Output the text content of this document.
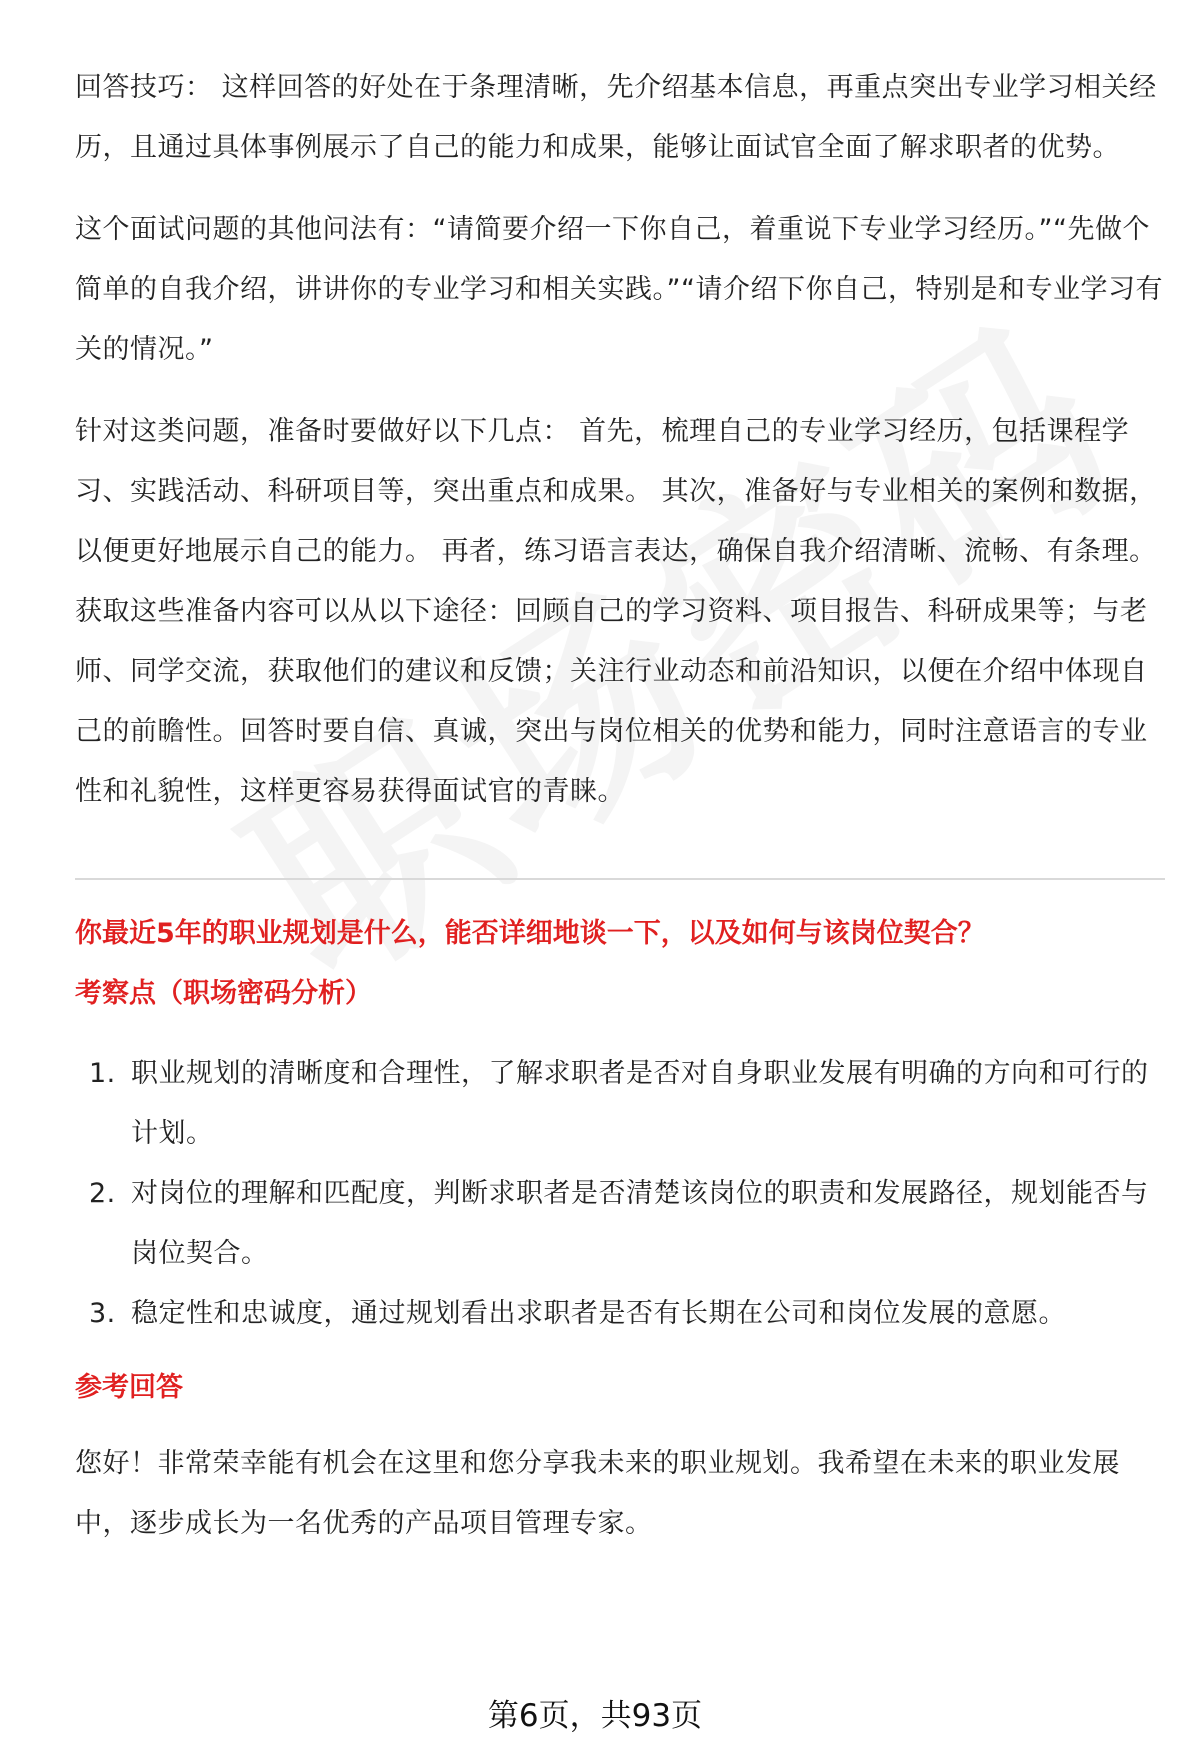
回答技巧： 这样回答的好处在于条理清晰，先介绍基本信息，再重点突出专业学习相关经历，且通过具体事例展示了自己的能力和成果，能够让面试官全面了解求职者的优势。

这个面试问题的其他问法有：“请简要介绍一下你自己，着重说下专业学习经历。”“先做个简单的自我介绍，讲讲你的专业学习和相关实践。”“请介绍下你自己，特别是和专业学习有关的情况。”

针对这类问题，准备时要做好以下几点： 首先，梳理自己的专业学习经历，包括课程学习、实践活动、科研项目等，突出重点和成果。 其次，准备好与专业相关的案例和数据，以便更好地展示自己的能力。 再者，练习语言表达，确保自我介绍清晰、流畅、有条理。 获取这些准备内容可以从以下途径：回顾自己的学习资料、项目报告、科研成果等；与老师、同学交流，获取他们的建议和反馈；关注行业动态和前沿知识，以便在介绍中体现自己的前瞻性。回答时要自信、真诚，突出与岗位相关的优势和能力，同时注意语言的专业性和礼貌性，这样更容易获得面试官的青睐。

你最近5年的职业规划是什么，能否详细地谈一下，以及如何与该岗位契合？

考察点（职场密码分析）

1. 职业规划的清晰度和合理性，了解求职者是否对自身职业发展有明确的方向和可行的计划。
2. 对岗位的理解和匹配度，判断求职者是否清楚该岗位的职责和发展路径，规划能否与岗位契合。
3. 稳定性和忠诚度，通过规划看出求职者是否有长期在公司和岗位发展的意愿。

参考回答

您好！非常荣幸能有机会在这里和您分享我未来的职业规划。我希望在未来的职业发展中，逐步成长为一名优秀的产品项目管理专家。

第6页，共93页
